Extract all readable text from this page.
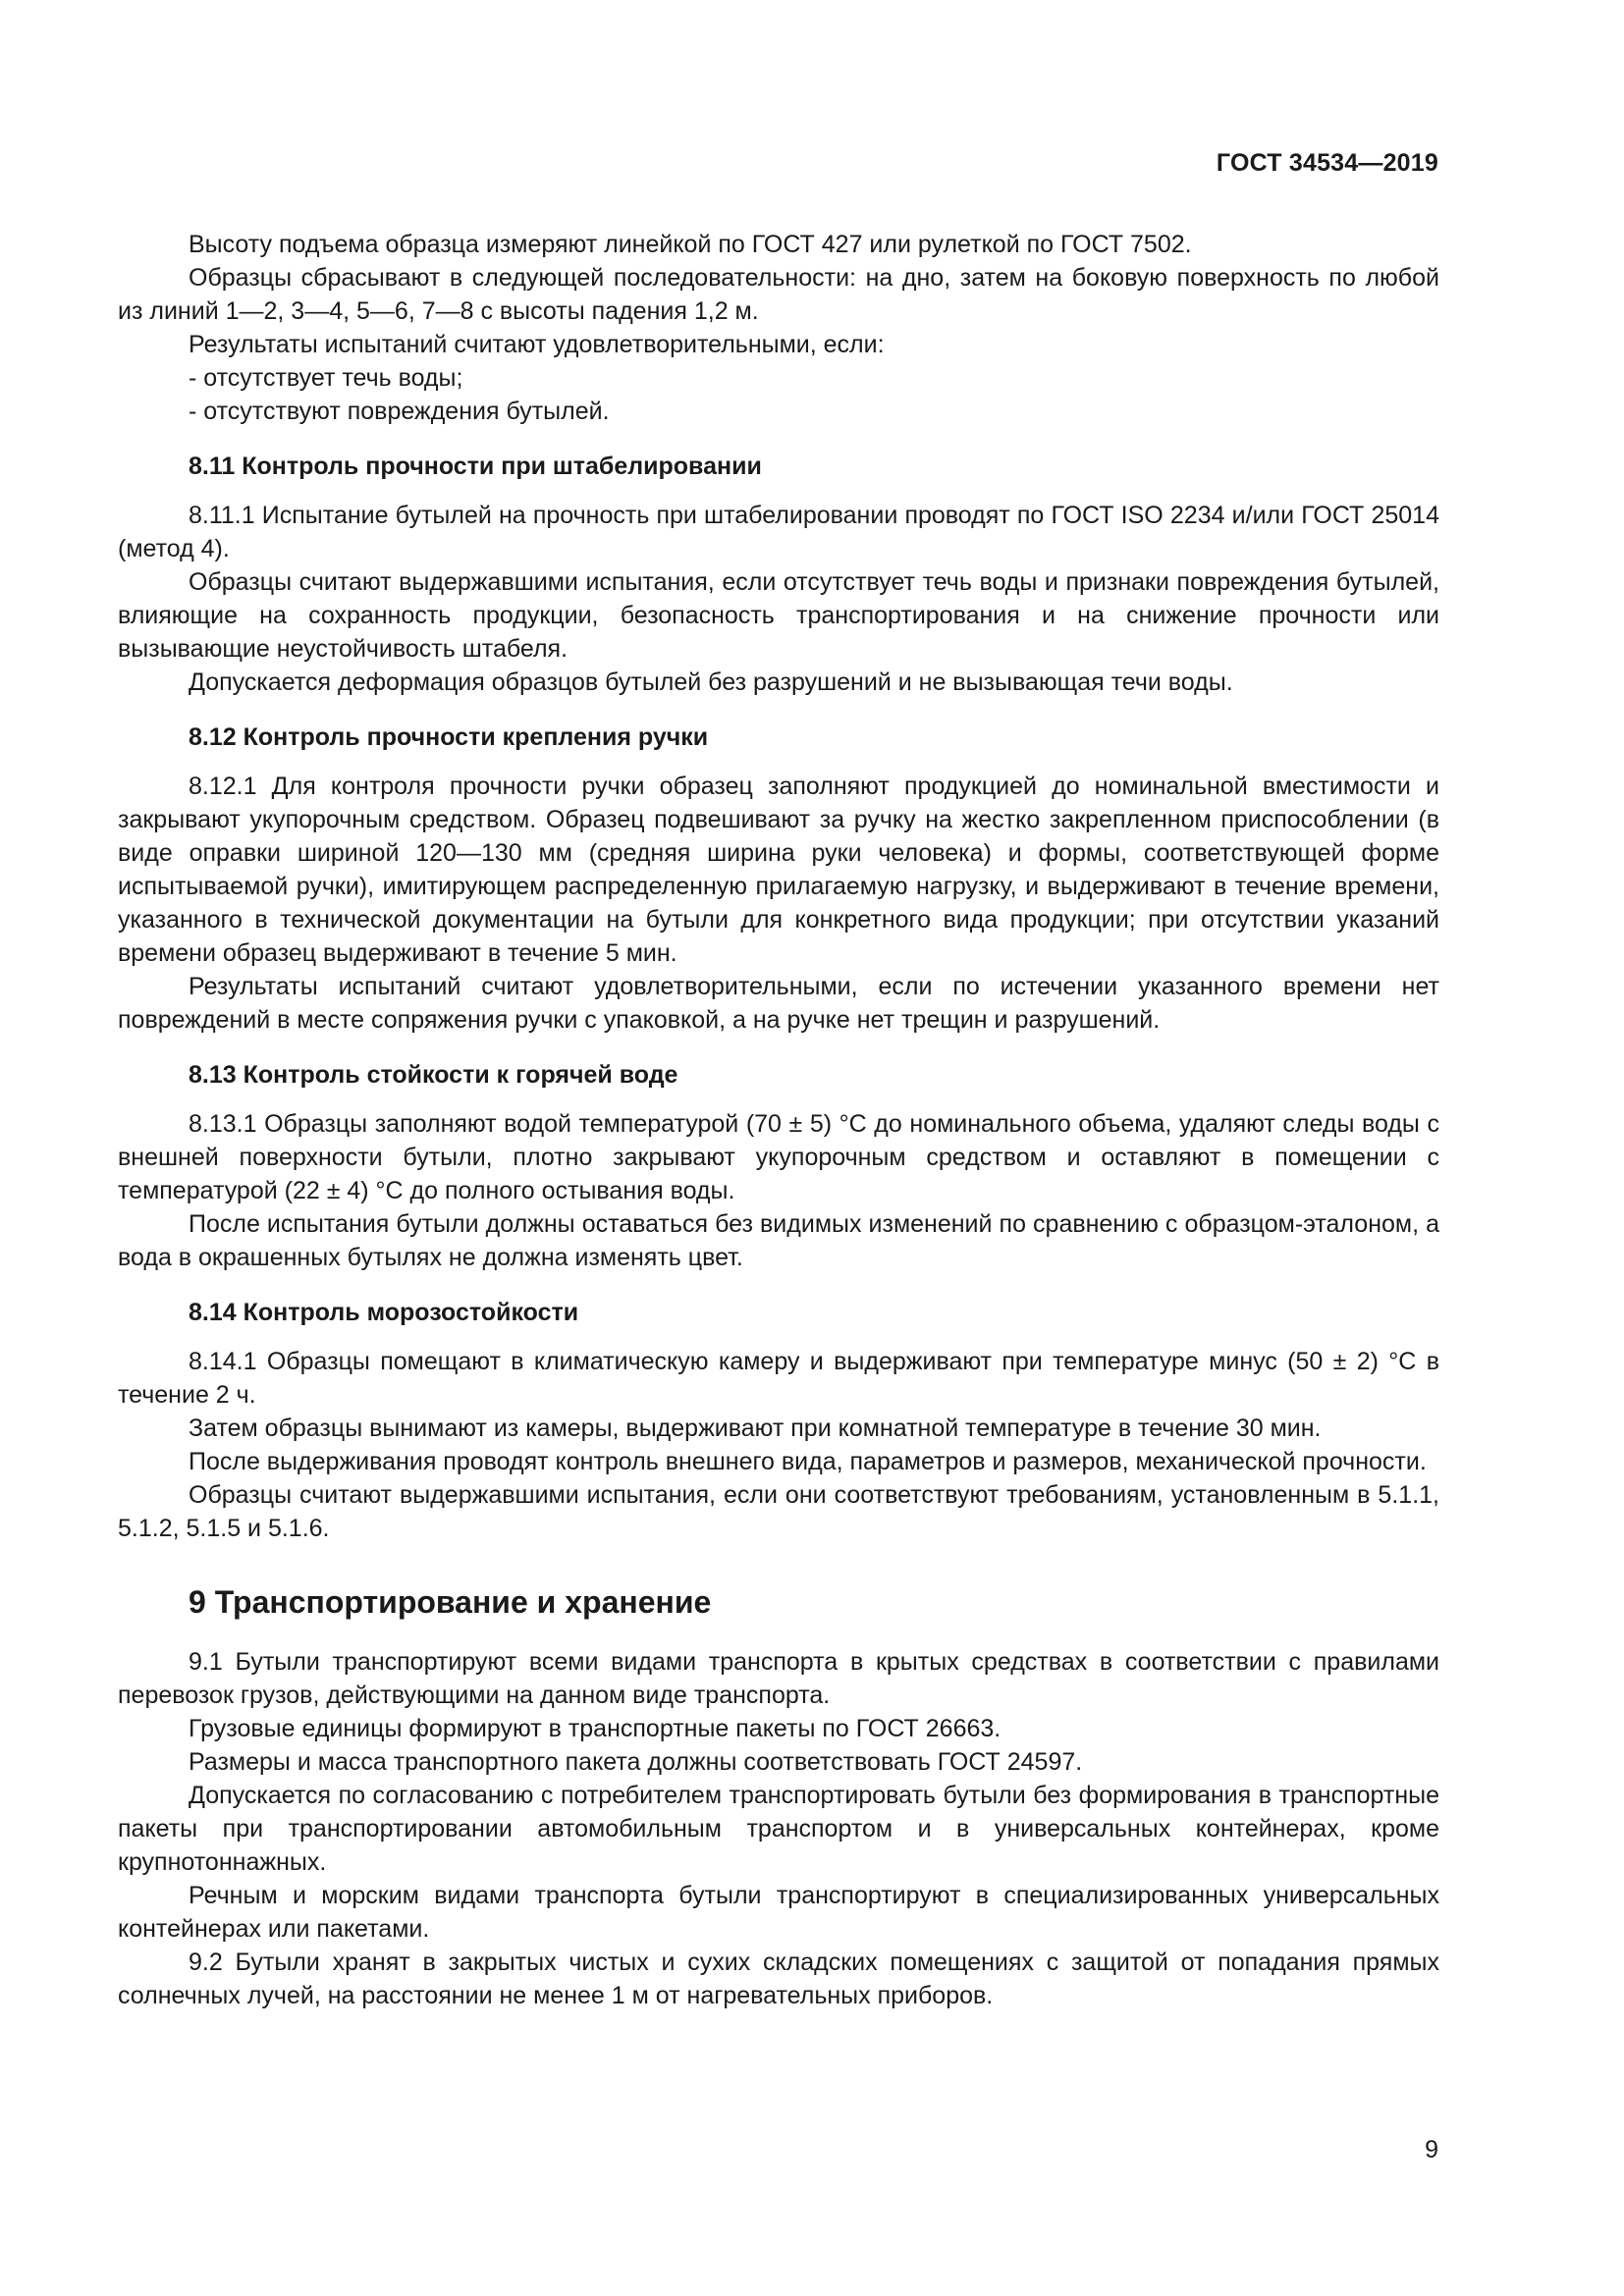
ГОСТ 34534—2019

Высоту подъема образца измеряют линейкой по ГОСТ 427 или рулеткой по ГОСТ 7502.

Образцы сбрасывают в следующей последовательности: на дно, затем на боковую поверхность по любой из линий 1—2, 3—4, 5—6, 7—8 с высоты падения 1,2 м.

Результаты испытаний считают удовлетворительными, если:

- отсутствует течь воды;

- отсутствуют повреждения бутылей.

8.11 Контроль прочности при штабелировании

8.11.1 Испытание бутылей на прочность при штабелировании проводят по ГОСТ ISO 2234 и/или ГОСТ 25014 (метод 4).

Образцы считают выдержавшими испытания, если отсутствует течь воды и признаки повреждения бутылей, влияющие на сохранность продукции, безопасность транспортирования и на снижение прочности или вызывающие неустойчивость штабеля.

Допускается деформация образцов бутылей без разрушений и не вызывающая течи воды.

8.12 Контроль прочности крепления ручки

8.12.1 Для контроля прочности ручки образец заполняют продукцией до номинальной вместимости и закрывают укупорочным средством. Образец подвешивают за ручку на жестко закрепленном приспособлении (в виде оправки шириной 120—130 мм (средняя ширина руки человека) и формы, соответствующей форме испытываемой ручки), имитирующем распределенную прилагаемую нагрузку, и выдерживают в течение времени, указанного в технической документации на бутыли для конкретного вида продукции; при отсутствии указаний времени образец выдерживают в течение 5 мин.

Результаты испытаний считают удовлетворительными, если по истечении указанного времени нет повреждений в месте сопряжения ручки с упаковкой, а на ручке нет трещин и разрушений.

8.13 Контроль стойкости к горячей воде

8.13.1 Образцы заполняют водой температурой (70 ± 5) °С до номинального объема, удаляют следы воды с внешней поверхности бутыли, плотно закрывают укупорочным средством и оставляют в помещении с температурой (22 ± 4) °С до полного остывания воды.

После испытания бутыли должны оставаться без видимых изменений по сравнению с образцом-эталоном, а вода в окрашенных бутылях не должна изменять цвет.

8.14 Контроль морозостойкости

8.14.1 Образцы помещают в климатическую камеру и выдерживают при температуре минус (50 ± 2) °С в течение 2 ч.

Затем образцы вынимают из камеры, выдерживают при комнатной температуре в течение 30 мин.

После выдерживания проводят контроль внешнего вида, параметров и размеров, механической прочности.

Образцы считают выдержавшими испытания, если они соответствуют требованиям, установленным в 5.1.1, 5.1.2, 5.1.5 и 5.1.6.

9 Транспортирование и хранение

9.1 Бутыли транспортируют всеми видами транспорта в крытых средствах в соответствии с правилами перевозок грузов, действующими на данном виде транспорта.

Грузовые единицы формируют в транспортные пакеты по ГОСТ 26663.

Размеры и масса транспортного пакета должны соответствовать ГОСТ 24597.

Допускается по согласованию с потребителем транспортировать бутыли без формирования в транспортные пакеты при транспортировании автомобильным транспортом и в универсальных контейнерах, кроме крупнотоннажных.

Речным и морским видами транспорта бутыли транспортируют в специализированных универсальных контейнерах или пакетами.

9.2 Бутыли хранят в закрытых чистых и сухих складских помещениях с защитой от попадания прямых солнечных лучей, на расстоянии не менее 1 м от нагревательных приборов.

9
